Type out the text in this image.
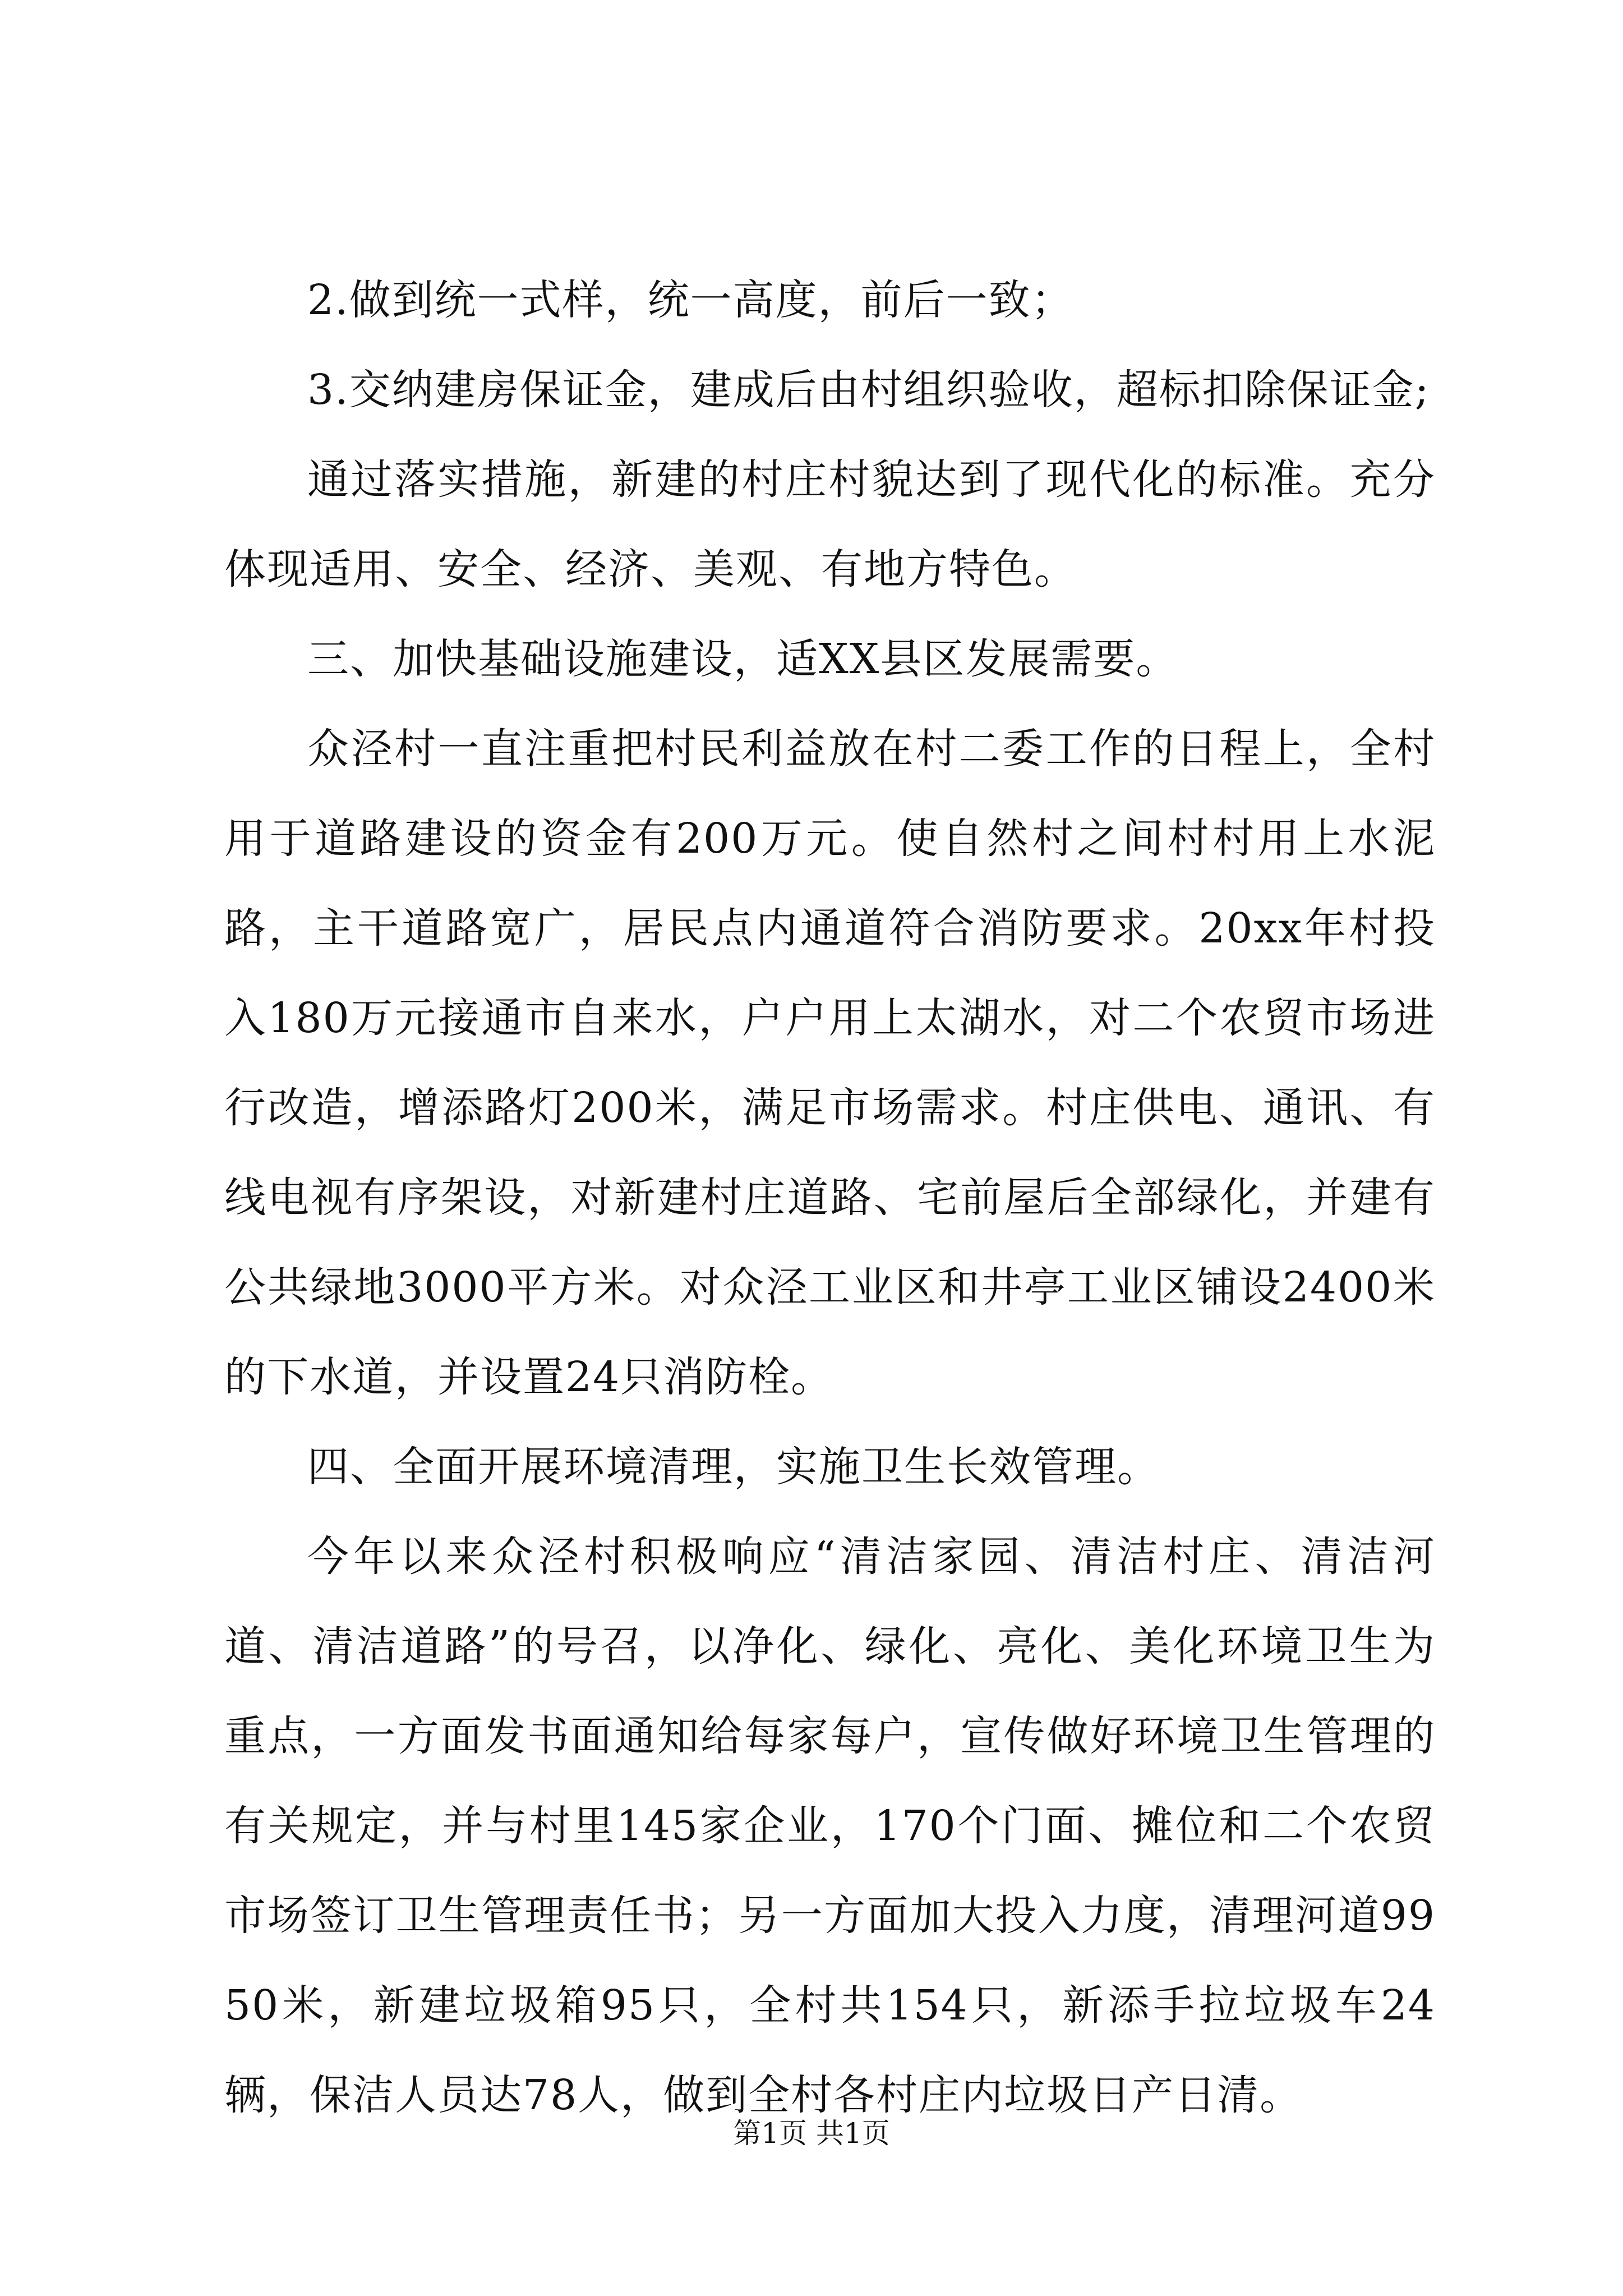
2.做到统一式样，统一高度，前后一致；

3.交纳建房保证金，建成后由村组织验收，超标扣除保证金;

通过落实措施，新建的村庄村貌达到了现代化的标准。充分体现适用、安全、经济、美观、有地方特色。

三、加快基础设施建设，适XX县区发展需要。

众泾村一直注重把村民利益放在村二委工作的日程上，全村用于道路建设的资金有200万元。使自然村之间村村用上水泥路，主干道路宽广，居民点内通道符合消防要求。20xx年村投入180万元接通市自来水，户户用上太湖水，对二个农贸市场进行改造，增添路灯200米，满足市场需求。村庄供电、通讯、有线电视有序架设，对新建村庄道路、宅前屋后全部绿化，并建有公共绿地3000平方米。对众泾工业区和井亭工业区铺设2400米的下水道，并设置24只消防栓。

四、全面开展环境清理，实施卫生长效管理。

今年以来众泾村积极响应“清洁家园、清洁村庄、清洁河道、清洁道路”的号召，以净化、绿化、亮化、美化环境卫生为重点，一方面发书面通知给每家每户，宣传做好环境卫生管理的有关规定，并与村里145家企业，170个门面、摊位和二个农贸市场签订卫生管理责任书；另一方面加大投入力度，清理河道9950米，新建垃圾箱95只，全村共154只，新添手拉垃圾车24辆，保洁人员达78人，做到全村各村庄内垃圾日产日清。

第1页 共1页
